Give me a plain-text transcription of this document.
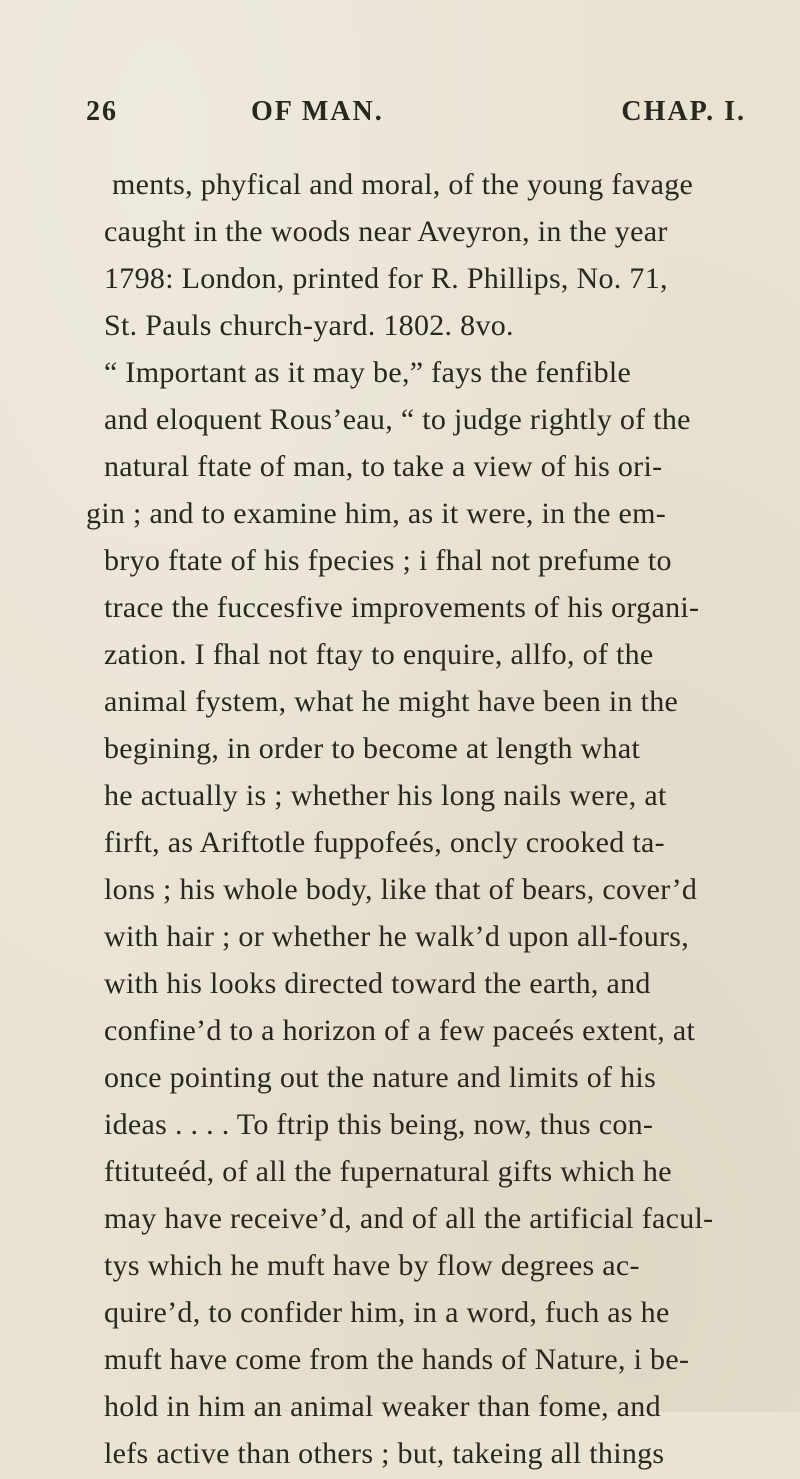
26	OF MAN.	CHAP. I.
ments, phyfical and moral, of the young favage
caught in the woods near Aveyron, in the year
1798: London, printed for R. Phillips, No. 71,
St. Pauls church-yard. 1802. 8vo.
“ Important as it may be,” fays the fenfible
and eloquent Rous’eau, “ to judge rightly of the
natural ftate of man, to take a view of his ori-
gin ; and to examine him, as it were, in the em-
bryo ftate of his fpecies ; i fhal not prefume to
trace the fuccesfive improvements of his organi-
zation. I fhal not ftay to enquire, allfo, of the
animal fystem, what he might have been in the
begining, in order to become at length what
he actually is ; whether his long nails were, at
firft, as Ariftotle fuppofeés, oncly crooked ta-
lons ; his whole body, like that of bears, cover’d
with hair ; or whether he walk’d upon all-fours,
with his looks directed toward the earth, and
confine’d to a horizon of a few paceés extent, at
once pointing out the nature and limits of his
ideas . . . . To ftrip this being, now, thus con-
ftituteéd, of all the fupernatural gifts which he
may have receive’d, and of all the artificial facul-
tys which he muft have by flow degrees ac-
quire’d, to confider him, in a word, fuch as he
muft have come from the hands of Nature, i be-
hold in him an animal weaker than fome, and
lefs active than others ; but, takeing all things
